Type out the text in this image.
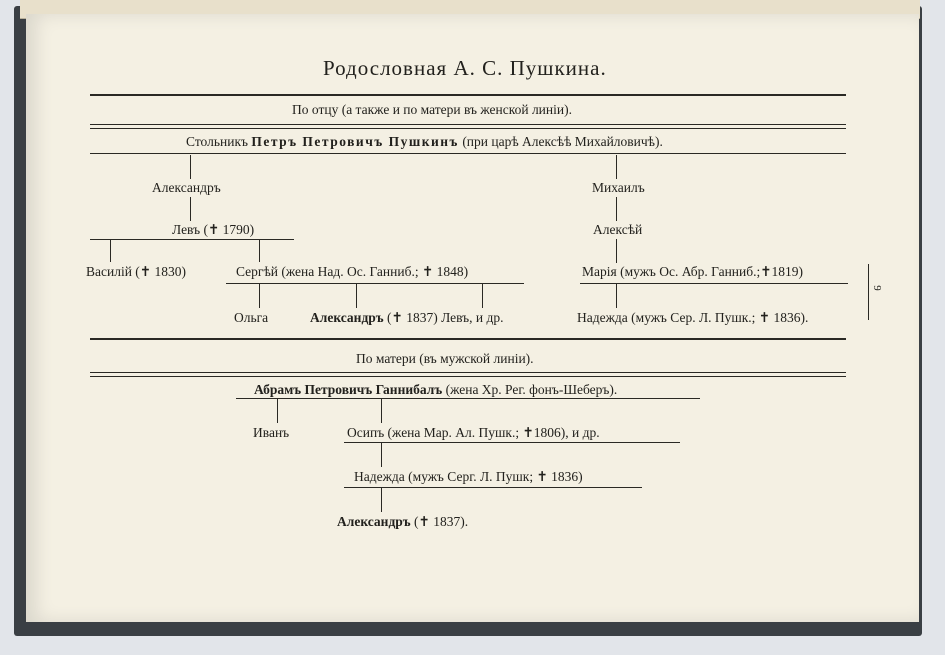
Родословная А. С. Пушкина.
По отцу (а также и по матери въ женской линіи).
Стольникъ Петръ Петровичъ Пушкинъ (при царѣ Алексѣѣ Михайловичѣ).
Александръ
Левъ (✝ 1790)
Василій (✝ 1830)	Сергѣй (жена Над. Ос. Ганниб.; ✝ 1848)
Ольга	Александръ (✝ 1837) Левъ, и др.
Михаилъ
Алексѣй
Марія (мужъ Ос. Абр. Ганниб.;✝1819)
Надежда (мужъ Сер. Л. Пушк.; ✝ 1836).
По матери (въ мужской линіи).
Абрамъ Петровичъ Ганнибалъ (жена Хр. Рег. фонъ-Шеберъ).
Иванъ	Осипъ (жена Мар. Ал. Пушк.; ✝1806), и др.
Надежда (мужъ Серг. Л. Пушк; ✝ 1836)
Александръ (✝ 1837).
9
